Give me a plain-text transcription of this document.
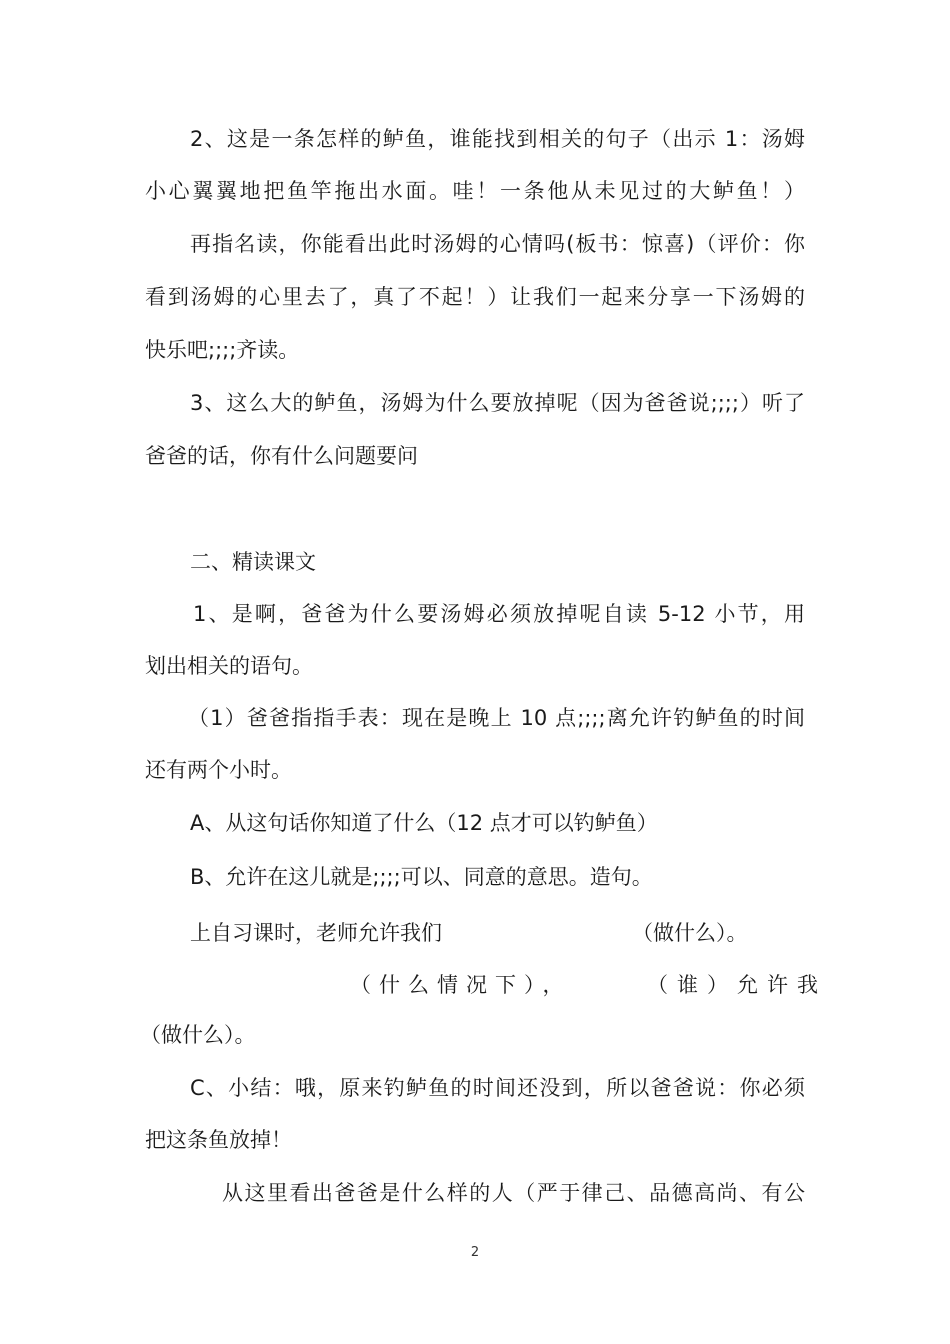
2、这是一条怎样的鲈鱼，谁能找到相关的句子（出示 1：汤姆
小心翼翼地把鱼竿拖出水面。哇！一条他从未见过的大鲈鱼！）
再指名读，你能看出此时汤姆的心情吗(板书：惊喜)（评价：你
看到汤姆的心里去了，真了不起！）让我们一起来分享一下汤姆的
快乐吧;;;;齐读。
3、这么大的鲈鱼，汤姆为什么要放掉呢（因为爸爸说;;;;）听了
爸爸的话，你有什么问题要问
二、精读课文
1、是啊，爸爸为什么要汤姆必须放掉呢自读 5-12 小节，用
划出相关的语句。
（1）爸爸指指手表：现在是晚上 10 点;;;;离允许钓鲈鱼的时间
还有两个小时。
A、从这句话你知道了什么（12 点才可以钓鲈鱼）
B、允许在这儿就是;;;;可以、同意的意思。造句。
上自习课时，老师允许我们	（做什么）。
（什么情况下），	（谁）允许我
（做什么）。
C、小结：哦，原来钓鲈鱼的时间还没到，所以爸爸说：你必须
把这条鱼放掉！
从这里看出爸爸是什么样的人（严于律己、品德高尚、有公
2
